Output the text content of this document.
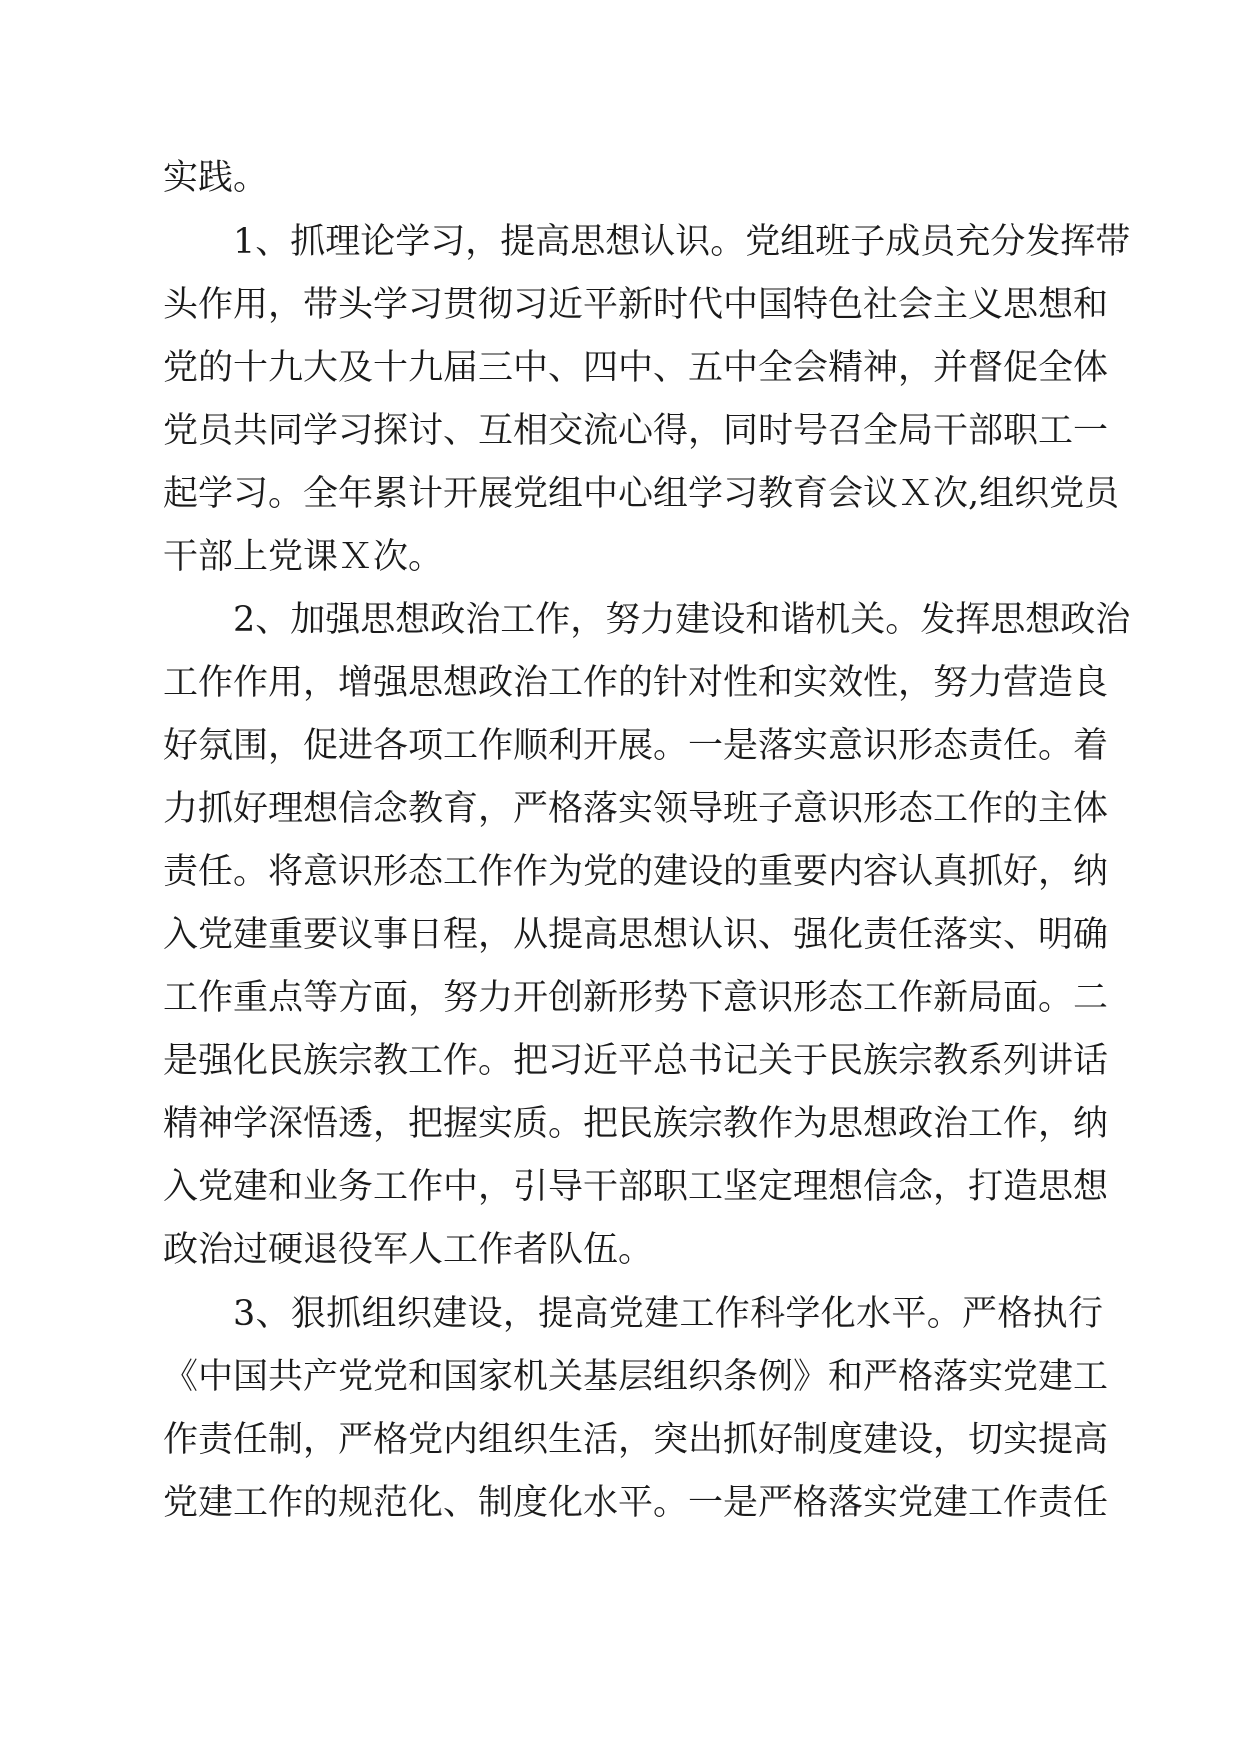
实践。
1、抓理论学习，提高思想认识。党组班子成员充分发挥带
头作用，带头学习贯彻习近平新时代中国特色社会主义思想和
党的十九大及十九届三中、四中、五中全会精神，并督促全体
党员共同学习探讨、互相交流心得，同时号召全局干部职工一
起学习。全年累计开展党组中心组学习教育会议Ｘ次,组织党员
干部上党课Ｘ次。
2、加强思想政治工作，努力建设和谐机关。发挥思想政治
工作作用，增强思想政治工作的针对性和实效性，努力营造良
好氛围，促进各项工作顺利开展。一是落实意识形态责任。着
力抓好理想信念教育，严格落实领导班子意识形态工作的主体
责任。将意识形态工作作为党的建设的重要内容认真抓好，纳
入党建重要议事日程，从提高思想认识、强化责任落实、明确
工作重点等方面，努力开创新形势下意识形态工作新局面。二
是强化民族宗教工作。把习近平总书记关于民族宗教系列讲话
精神学深悟透，把握实质。把民族宗教作为思想政治工作，纳
入党建和业务工作中，引导干部职工坚定理想信念，打造思想
政治过硬退役军人工作者队伍。
3、狠抓组织建设，提高党建工作科学化水平。严格执行
《中国共产党党和国家机关基层组织条例》和严格落实党建工
作责任制，严格党内组织生活，突出抓好制度建设，切实提高
党建工作的规范化、制度化水平。一是严格落实党建工作责任
